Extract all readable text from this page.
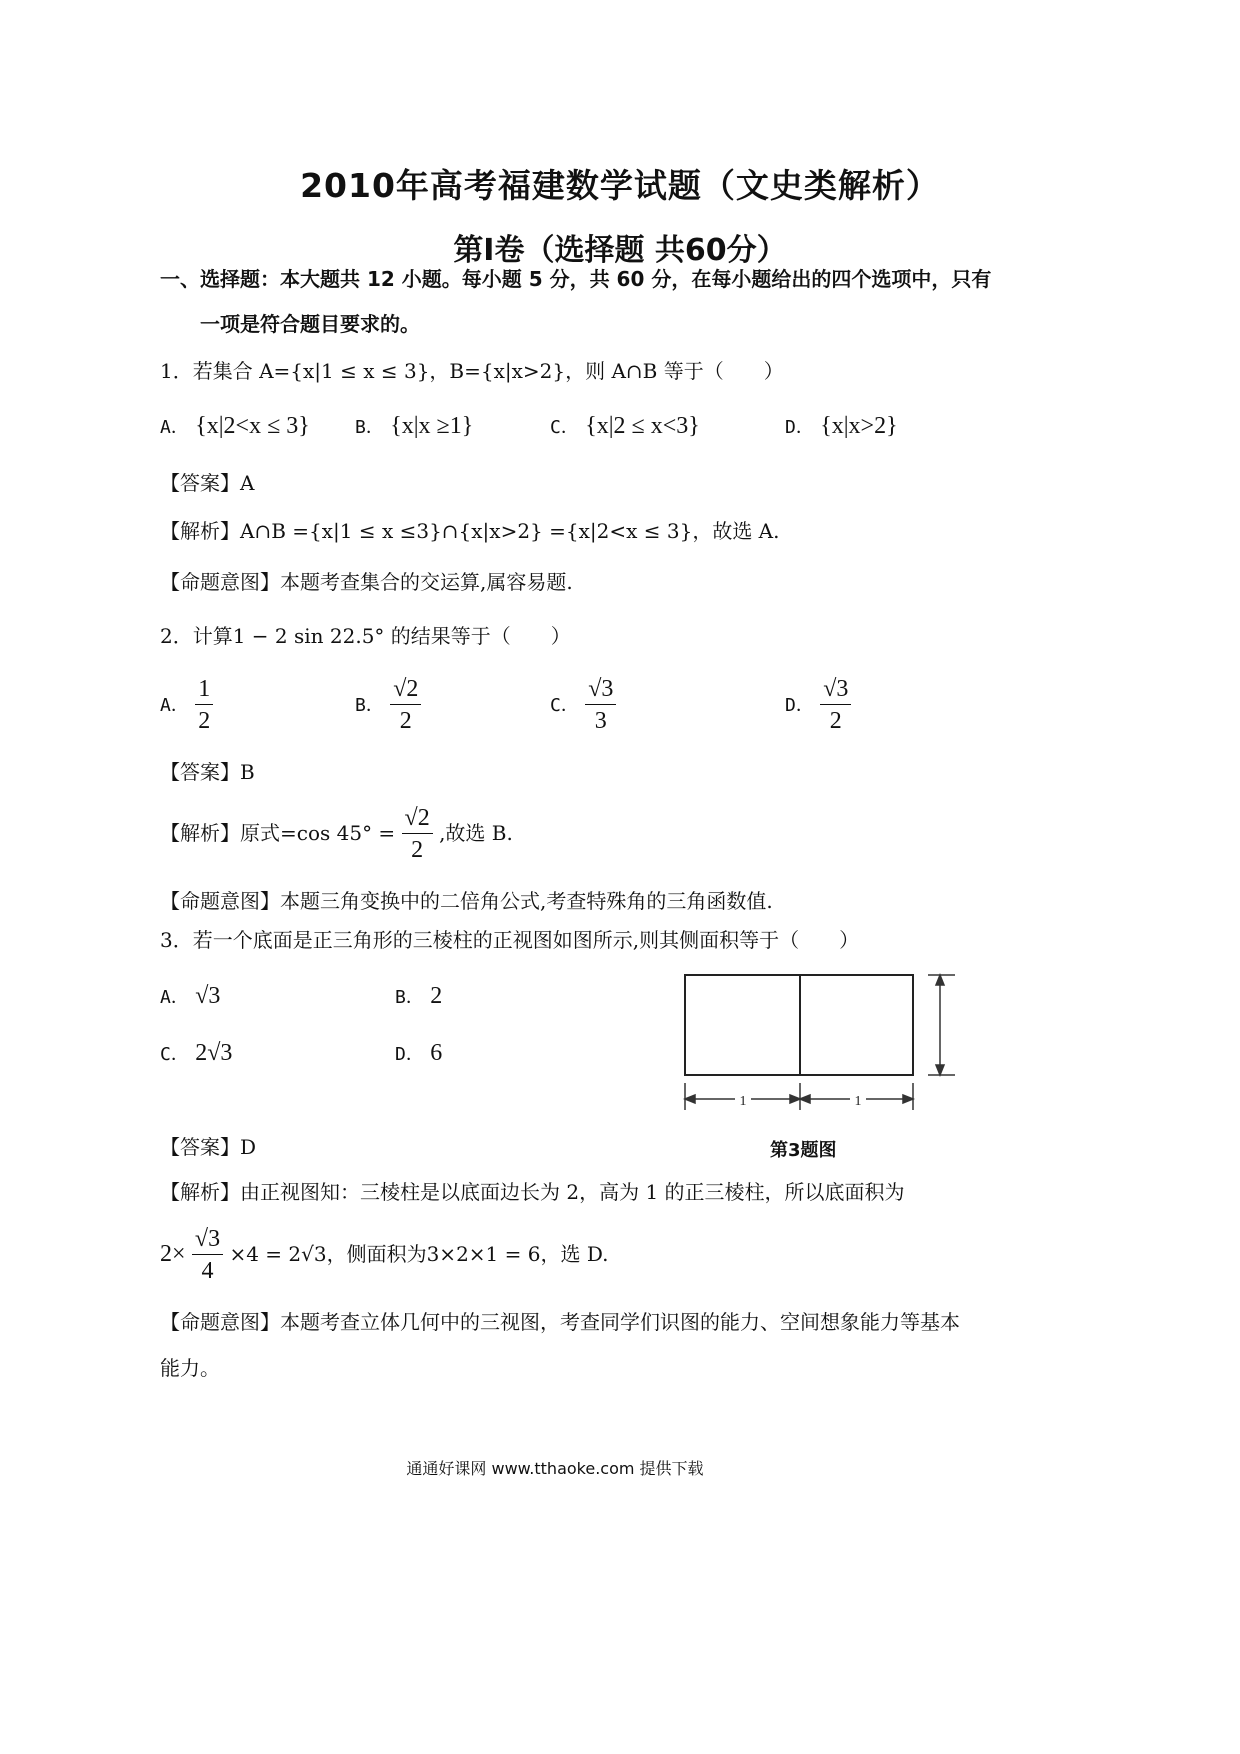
2010年高考福建数学试题（文史类解析）
第Ⅰ卷（选择题 共60分）
一、选择题：本大题共 12 小题。每小题 5 分，共 60 分，在每小题给出的四个选项中，只有
一项是符合题目要求的。
1．若集合 A={x|1 ≤ x ≤ 3}，B={x|x>2}，则 A∩B 等于（　　）
A． {x|2<x ≤ 3}	B． {x|x ≥1}	C． {x|2 ≤ x<3}	D． {x|x>2}
【答案】A
【解析】A∩B ={x|1 ≤ x ≤3}∩{x|x>2} ={x|2<x ≤ 3}，故选 A.
【命题意图】本题考查集合的交运算,属容易题.
2．计算1 − 2 sin 22.5° 的结果等于（　　）
A． $\frac{1}{2}$	B． $\frac{√2}{2}$	C． $\frac{√3}{3}$	D． $\frac{√3}{2}$
【答案】B
【解析】原式=cos $45^\circ = \frac{√2}{2}$ ,故选 B.
【命题意图】本题三角变换中的二倍角公式,考查特殊角的三角函数值.
3．若一个底面是正三角形的三棱柱的正视图如图所示,则其侧面积等于（　　）
A． √3	B． 2
C． 2√3	D． 6
1	1
第3题图
【答案】D
【解析】由正视图知：三棱柱是以底面边长为 2，高为 1 的正三棱柱，所以底面积为
$2\times \frac{√3}{4} \times 4 = 2√3$，侧面积为3×2×1 = 6，选 D.
【命题意图】本题考查立体几何中的三视图，考查同学们识图的能力、空间想象能力等基本
能力。
通通好课网 www.tthaoke.com 提供下载
